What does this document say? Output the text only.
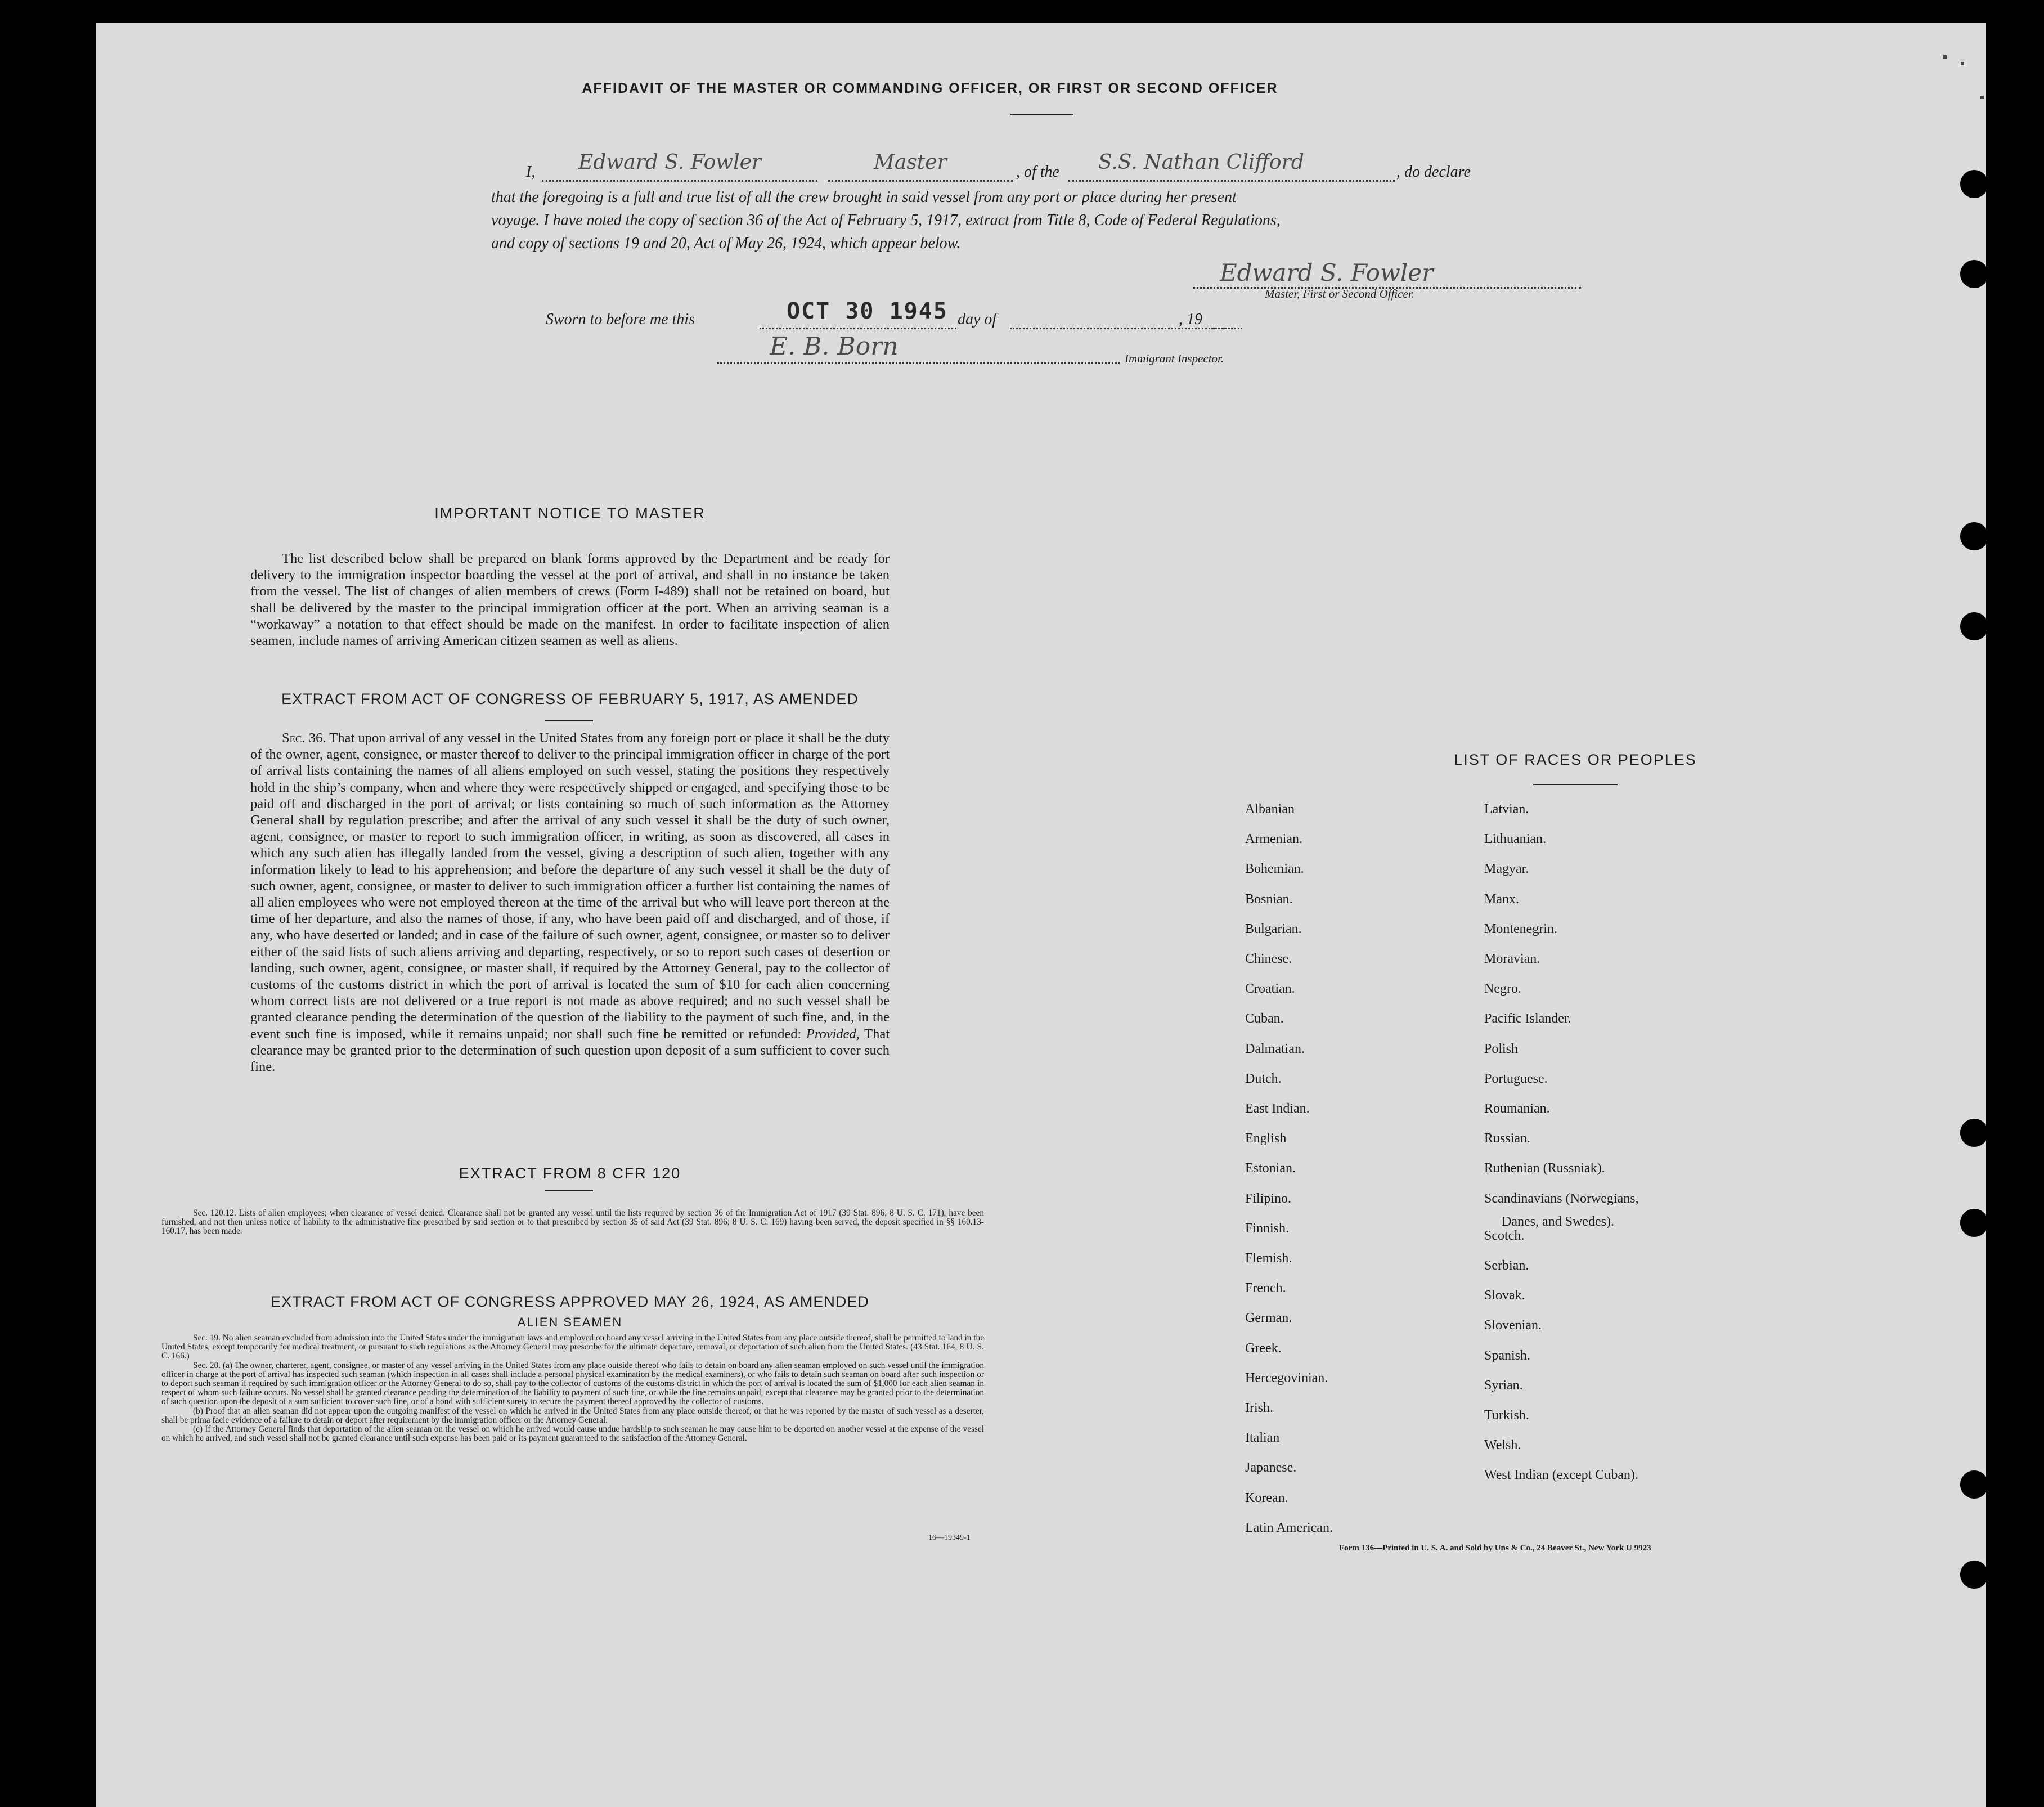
AFFIDAVIT OF THE MASTER OR COMMANDING OFFICER, OR FIRST OR SECOND OFFICER
I, Edward S. Fowler	Master	, of the S.S. Nathan Clifford	, do declare
that the foregoing is a full and true list of all the crew brought in said vessel from any port or place during her present
voyage. I have noted the copy of section 36 of the Act of February 5, 1917, extract from Title 8, Code of Federal Regulations,
and copy of sections 19 and 20, Act of May 26, 1924, which appear below.
Edward S. Fowler
Master, First or Second Officer.
Sworn to before me this	OCT 30 1945 day of	, 19
E. B. Born	Immigrant Inspector.
IMPORTANT NOTICE TO MASTER

The list described below shall be prepared on blank forms approved by the Department and be ready for delivery to the immigration inspector boarding the vessel at the port of arrival, and shall in no instance be taken from the vessel. The list of changes of alien members of crews (Form I-489) shall not be retained on board, but shall be delivered by the master to the principal immigration officer at the port. When an arriving seaman is a “workaway” a notation to that effect should be made on the manifest. In order to facilitate inspection of alien seamen, include names of arriving American citizen seamen as well as aliens.

EXTRACT FROM ACT OF CONGRESS OF FEBRUARY 5, 1917, AS AMENDED

Sec. 36. That upon arrival of any vessel in the United States from any foreign port or place it shall be the duty of the owner, agent, consignee, or master thereof to deliver to the principal immigration officer in charge of the port of arrival lists containing the names of all aliens employed on such vessel, stating the positions they respectively hold in the ship’s company, when and where they were respectively shipped or engaged, and specifying those to be paid off and discharged in the port of arrival; or lists containing so much of such information as the Attorney General shall by regulation prescribe; and after the arrival of any such vessel it shall be the duty of such owner, agent, consignee, or master to report to such immigration officer, in writing, as soon as discovered, all cases in which any such alien has illegally landed from the vessel, giving a description of such alien, together with any information likely to lead to his apprehension; and before the departure of any such vessel it shall be the duty of such owner, agent, consignee, or master to deliver to such immigration officer a further list containing the names of all alien employees who were not employed thereon at the time of the arrival but who will leave port thereon at the time of her departure, and also the names of those, if any, who have been paid off and discharged, and of those, if any, who have deserted or landed; and in case of the failure of such owner, agent, consignee, or master so to deliver either of the said lists of such aliens arriving and departing, respectively, or so to report such cases of desertion or landing, such owner, agent, consignee, or master shall, if required by the Attorney General, pay to the collector of customs of the customs district in which the port of arrival is located the sum of $10 for each alien concerning whom correct lists are not delivered or a true report is not made as above required; and no such vessel shall be granted clearance pending the determination of the question of the liability to the payment of such fine, and, in the event such fine is imposed, while it remains unpaid; nor shall such fine be remitted or refunded: Provided, That clearance may be granted prior to the determination of such question upon deposit of a sum sufficient to cover such fine.

EXTRACT FROM 8 CFR 120

Sec. 120.12. Lists of alien employees; when clearance of vessel denied. Clearance shall not be granted any vessel until the lists required by section 36 of the Immigration Act of 1917 (39 Stat. 896; 8 U. S. C. 171), have been furnished, and not then unless notice of liability to the administrative fine prescribed by said section or to that prescribed by section 35 of said Act (39 Stat. 896; 8 U. S. C. 169) having been served, the deposit specified in §§ 160.13-160.17, has been made.

EXTRACT FROM ACT OF CONGRESS APPROVED MAY 26, 1924, AS AMENDED
ALIEN SEAMEN

Sec. 19. No alien seaman excluded from admission into the United States under the immigration laws and employed on board any vessel arriving in the United States from any place outside thereof, shall be permitted to land in the United States, except temporarily for medical treatment, or pursuant to such regulations as the Attorney General may prescribe for the ultimate departure, removal, or deportation of such alien from the United States. (43 Stat. 164, 8 U. S. C. 166.)

Sec. 20. (a) The owner, charterer, agent, consignee, or master of any vessel arriving in the United States from any place outside thereof who fails to detain on board any alien seaman employed on such vessel until the immigration officer in charge at the port of arrival has inspected such seaman (which inspection in all cases shall include a personal physical examination by the medical examiners), or who fails to detain such seaman on board after such inspection or to deport such seaman if required by such immigration officer or the Attorney General to do so, shall pay to the collector of customs of the customs district in which the port of arrival is located the sum of $1,000 for each alien seaman in respect of whom such failure occurs. No vessel shall be granted clearance pending the determination of the liability to payment of such fine, or while the fine remains unpaid, except that clearance may be granted prior to the determination of such question upon the deposit of a sum sufficient to cover such fine, or of a bond with sufficient surety to secure the payment thereof approved by the collector of customs.

(b) Proof that an alien seaman did not appear upon the outgoing manifest of the vessel on which he arrived in the United States from any place outside thereof, or that he was reported by the master of such vessel as a deserter, shall be prima facie evidence of a failure to detain or deport after requirement by the immigration officer or the Attorney General.

(c) If the Attorney General finds that deportation of the alien seaman on the vessel on which he arrived would cause undue hardship to such seaman he may cause him to be deported on another vessel at the expense of the vessel on which he arrived, and such vessel shall not be granted clearance until such expense has been paid or its payment guaranteed to the satisfaction of the Attorney General.

16—19349-1
LIST OF RACES OR PEOPLES
Albanian
Armenian.
Bohemian.
Bosnian.
Bulgarian.
Chinese.
Croatian.
Cuban.
Dalmatian.
Dutch.
East Indian.
English
Estonian.
Filipino.
Finnish.
Flemish.
French.
German.
Greek.
Hercegovinian.
Irish.
Italian
Japanese.
Korean.
Latin American.
Latvian.
Lithuanian.
Magyar.
Manx.
Montenegrin.
Moravian.
Negro.
Pacific Islander.
Polish
Portuguese.
Roumanian.
Russian.
Ruthenian (Russniak).
Scandinavians (Norwegians,
Danes, and Swedes).
Scotch.
Serbian.
Slovak.
Slovenian.
Spanish.
Syrian.
Turkish.
Welsh.
West Indian (except Cuban).
Form 136—Printed in U. S. A. and Sold by Uns & Co., 24 Beaver St., New York U 9923
